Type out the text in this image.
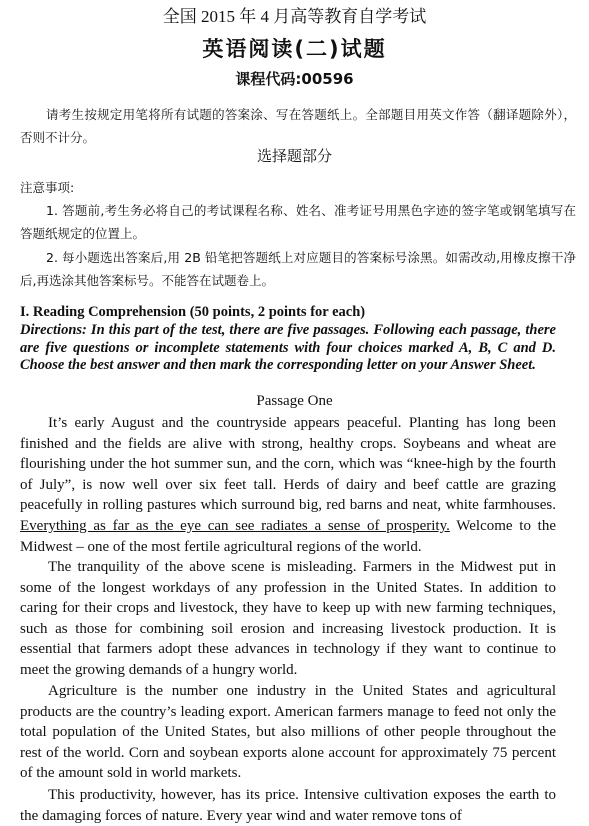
全国 2015 年 4 月高等教育自学考试
英语阅读(二)试题
课程代码:00596
请考生按规定用笔将所有试题的答案涂、写在答题纸上。全部题目用英文作答（翻译题除外），否则不计分。
选择题部分
注意事项:
1. 答题前,考生务必将自己的考试课程名称、姓名、准考证号用黑色字迹的签字笔或钢笔填写在答题纸规定的位置上。
2. 每小题选出答案后,用 2B 铅笔把答题纸上对应题目的答案标号涂黑。如需改动,用橡皮擦干净后,再选涂其他答案标号。不能答在试题卷上。
I. Reading Comprehension (50 points, 2 points for each)
Directions: In this part of the test, there are five passages. Following each passage, there are five questions or incomplete statements with four choices marked A, B, C and D. Choose the best answer and then mark the corresponding letter on your Answer Sheet.
Passage One

It’s early August and the countryside appears peaceful. Planting has long been finished and the fields are alive with strong, healthy crops. Soybeans and wheat are flourishing under the hot summer sun, and the corn, which was “knee-high by the fourth of July”, is now well over six feet tall. Herds of dairy and beef cattle are grazing peacefully in rolling pastures which surround big, red barns and neat, white farmhouses. Everything as far as the eye can see radiates a sense of prosperity. Welcome to the Midwest – one of the most fertile agricultural regions of the world.

The tranquility of the above scene is misleading. Farmers in the Midwest put in some of the longest workdays of any profession in the United States. In addition to caring for their crops and livestock, they have to keep up with new farming techniques, such as those for combining soil erosion and increasing livestock production. It is essential that farmers adopt these advances in technology if they want to continue to meet the growing demands of a hungry world.

Agriculture is the number one industry in the United States and agricultural products are the country’s leading export. American farmers manage to feed not only the total population of the United States, but also millions of other people throughout the rest of the world. Corn and soybean exports alone account for approximately 75 percent of the amount sold in world markets.

This productivity, however, has its price. Intensive cultivation exposes the earth to the damaging forces of nature. Every year wind and water remove tons of
